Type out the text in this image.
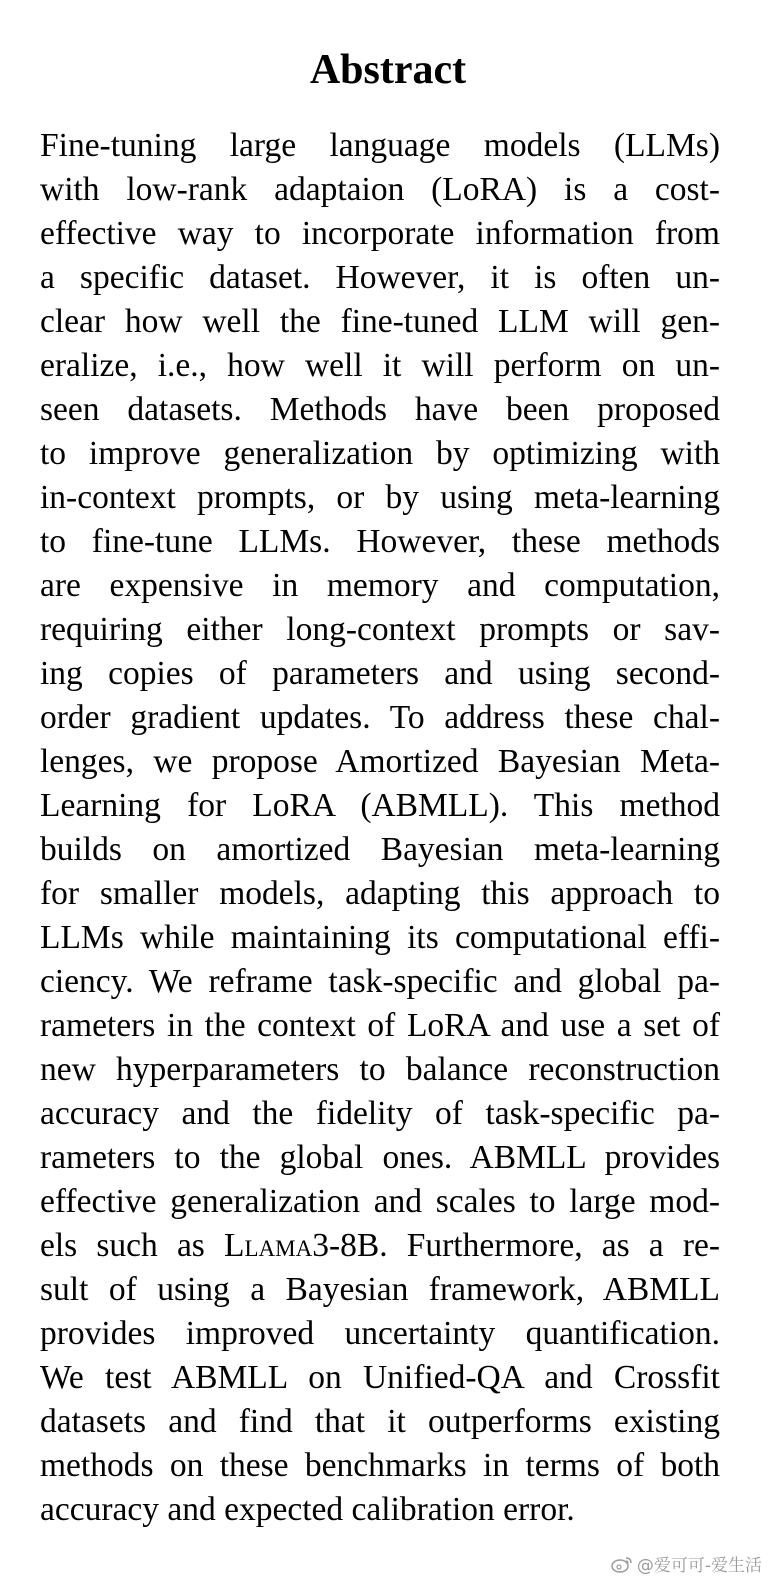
Abstract
Fine-tuning large language models (LLMs)
with low-rank adaptaion (LoRA) is a cost-
effective way to incorporate information from
a specific dataset. However, it is often un-
clear how well the fine-tuned LLM will gen-
eralize, i.e., how well it will perform on un-
seen datasets. Methods have been proposed
to improve generalization by optimizing with
in-context prompts, or by using meta-learning
to fine-tune LLMs. However, these methods
are expensive in memory and computation,
requiring either long-context prompts or sav-
ing copies of parameters and using second-
order gradient updates. To address these chal-
lenges, we propose Amortized Bayesian Meta-
Learning for LoRA (ABMLL). This method
builds on amortized Bayesian meta-learning
for smaller models, adapting this approach to
LLMs while maintaining its computational effi-
ciency. We reframe task-specific and global pa-
rameters in the context of LoRA and use a set of
new hyperparameters to balance reconstruction
accuracy and the fidelity of task-specific pa-
rameters to the global ones. ABMLL provides
effective generalization and scales to large mod-
els such as Llama3-8B. Furthermore, as a re-
sult of using a Bayesian framework, ABMLL
provides improved uncertainty quantification.
We test ABMLL on Unified-QA and Crossfit
datasets and find that it outperforms existing
methods on these benchmarks in terms of both
accuracy and expected calibration error.
@爱可可-爱生活
